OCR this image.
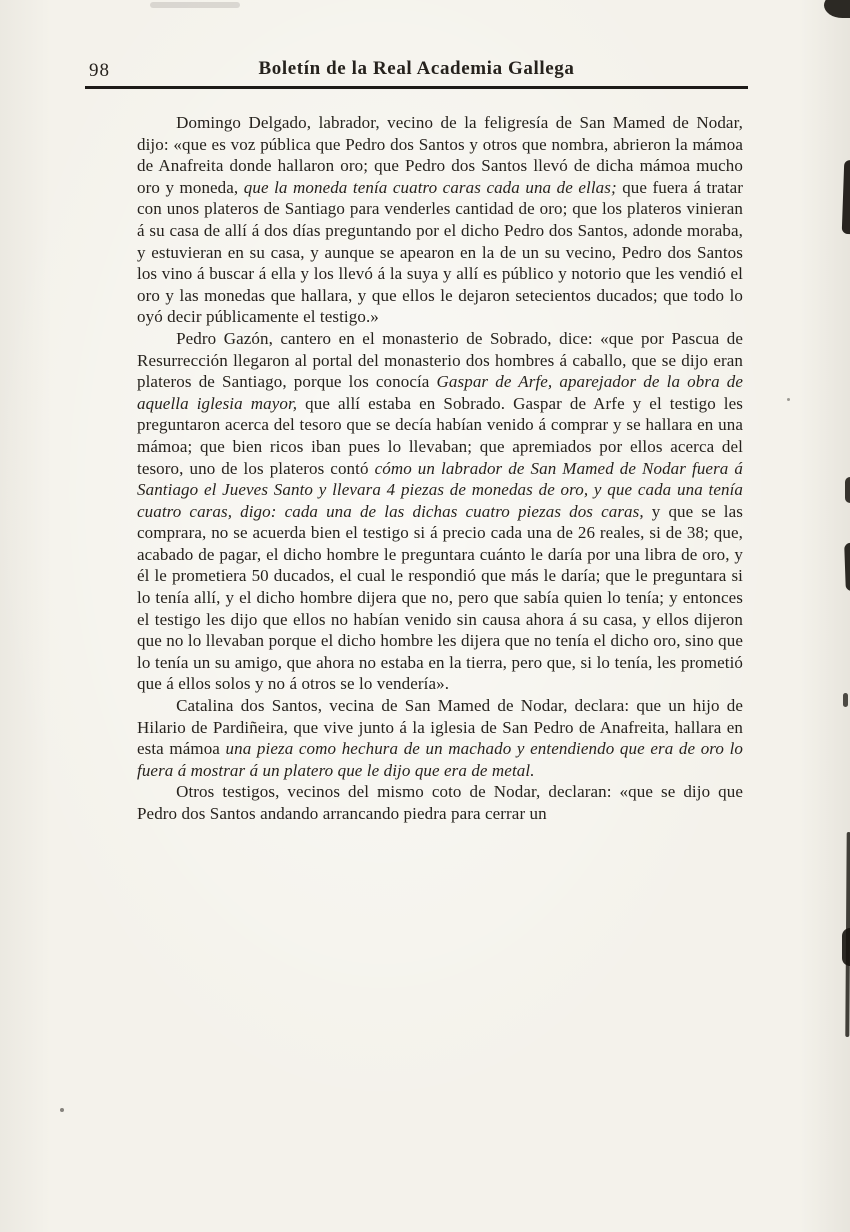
98	Boletín de la Real Academia Gallega

Domingo Delgado, labrador, vecino de la feligresía de San Mamed de Nodar, dijo: «que es voz pública que Pedro dos Santos y otros que nombra, abrieron la mámoa de Anafreita donde hallaron oro; que Pedro dos Santos llevó de dicha mámoa mucho oro y moneda, que la moneda tenía cuatro caras cada una de ellas; que fuera á tratar con unos plateros de Santiago para venderles cantidad de oro; que los plateros vinieran á su casa de allí á dos días preguntando por el dicho Pedro dos Santos, adonde moraba, y estuvieran en su casa, y aunque se apearon en la de un su vecino, Pedro dos Santos los vino á buscar á ella y los llevó á la suya y allí es público y notorio que les vendió el oro y las monedas que hallara, y que ellos le dejaron setecientos ducados; que todo lo oyó decir públicamente el testigo.»

Pedro Gazón, cantero en el monasterio de Sobrado, dice: «que por Pascua de Resurrección llegaron al portal del monasterio dos hombres á caballo, que se dijo eran plateros de Santiago, porque los conocía Gaspar de Arfe, aparejador de la obra de aquella iglesia mayor, que allí estaba en Sobrado. Gaspar de Arfe y el testigo les preguntaron acerca del tesoro que se decía habían venido á comprar y se hallara en una mámoa; que bien ricos iban pues lo llevaban; que apremiados por ellos acerca del tesoro, uno de los plateros contó cómo un labrador de San Mamed de Nodar fuera á Santiago el Jueves Santo y llevara 4 piezas de monedas de oro, y que cada una tenía cuatro caras, digo: cada una de las dichas cuatro piezas dos caras, y que se las comprara, no se acuerda bien el testigo si á precio cada una de 26 reales, si de 38; que, acabado de pagar, el dicho hombre le preguntara cuánto le daría por una libra de oro, y él le prometiera 50 ducados, el cual le respondió que más le daría; que le preguntara si lo tenía allí, y el dicho hombre dijera que no, pero que sabía quien lo tenía; y entonces el testigo les dijo que ellos no habían venido sin causa ahora á su casa, y ellos dijeron que no lo llevaban porque el dicho hombre les dijera que no tenía el dicho oro, sino que lo tenía un su amigo, que ahora no estaba en la tierra, pero que, si lo tenía, les prometió que á ellos solos y no á otros se lo vendería».

Catalina dos Santos, vecina de San Mamed de Nodar, declara: que un hijo de Hilario de Pardiñeira, que vive junto á la iglesia de San Pedro de Anafreita, hallara en esta mámoa una pieza como hechura de un machado y entendiendo que era de oro lo fuera á mostrar á un platero que le dijo que era de metal.

Otros testigos, vecinos del mismo coto de Nodar, declaran: «que se dijo que Pedro dos Santos andando arrancando piedra para cerrar un
